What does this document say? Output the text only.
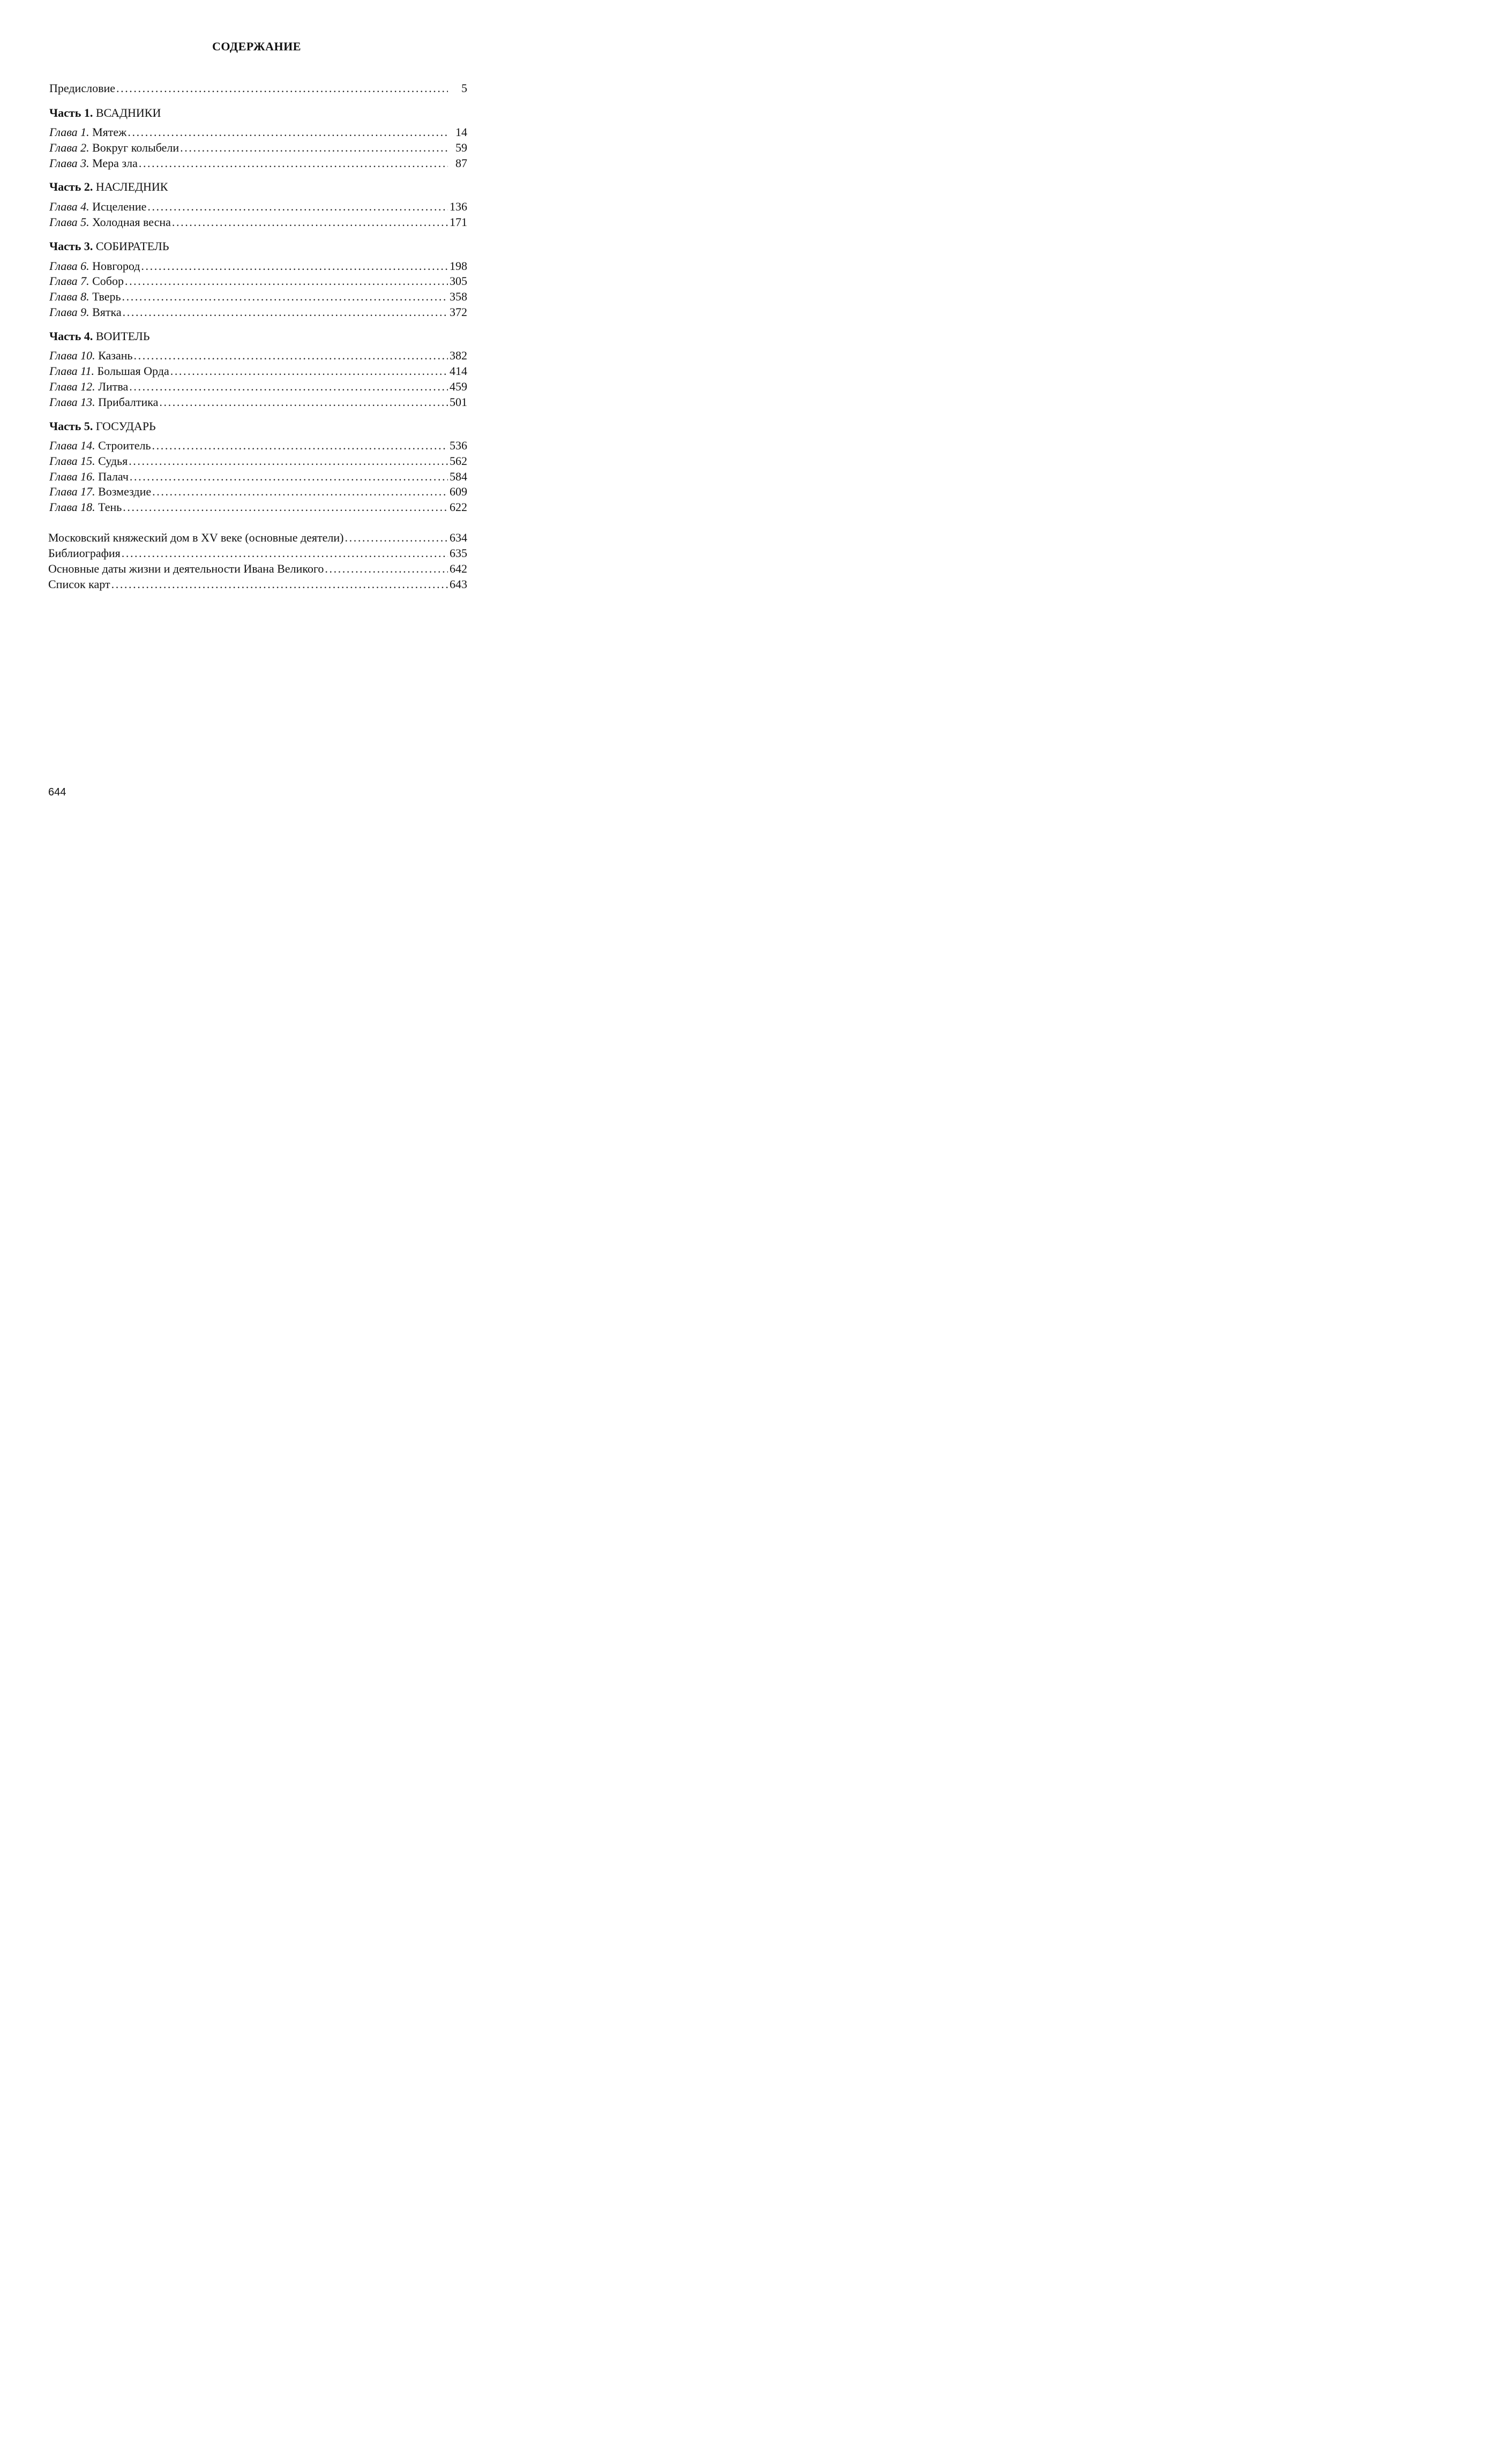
СОДЕРЖАНИЕ
Предисловие .....	5
Часть 1. ВСАДНИКИ
Глава 1. Мятеж .....	14
Глава 2. Вокруг колыбели .....	59
Глава 3. Мера зла .....	87
Часть 2. НАСЛЕДНИК
Глава 4. Исцеление .....	136
Глава 5. Холодная весна .....	171
Часть 3. СОБИРАТЕЛЬ
Глава 6. Новгород .....	198
Глава 7. Собор .....	305
Глава 8. Тверь .....	358
Глава 9. Вятка .....	372
Часть 4. ВОИТЕЛЬ
Глава 10. Казань .....	382
Глава 11. Большая Орда .....	414
Глава 12. Литва .....	459
Глава 13. Прибалтика .....	501
Часть 5. ГОСУДАРЬ
Глава 14. Строитель .....	536
Глава 15. Судья .....	562
Глава 16. Палач .....	584
Глава 17. Возмездие .....	609
Глава 18. Тень .....	622
Московский княжеский дом в XV веке (основные деятели) .....	634
Библиография .....	635
Основные даты жизни и деятельности Ивана Великого .....	642
Список карт .....	643
644
